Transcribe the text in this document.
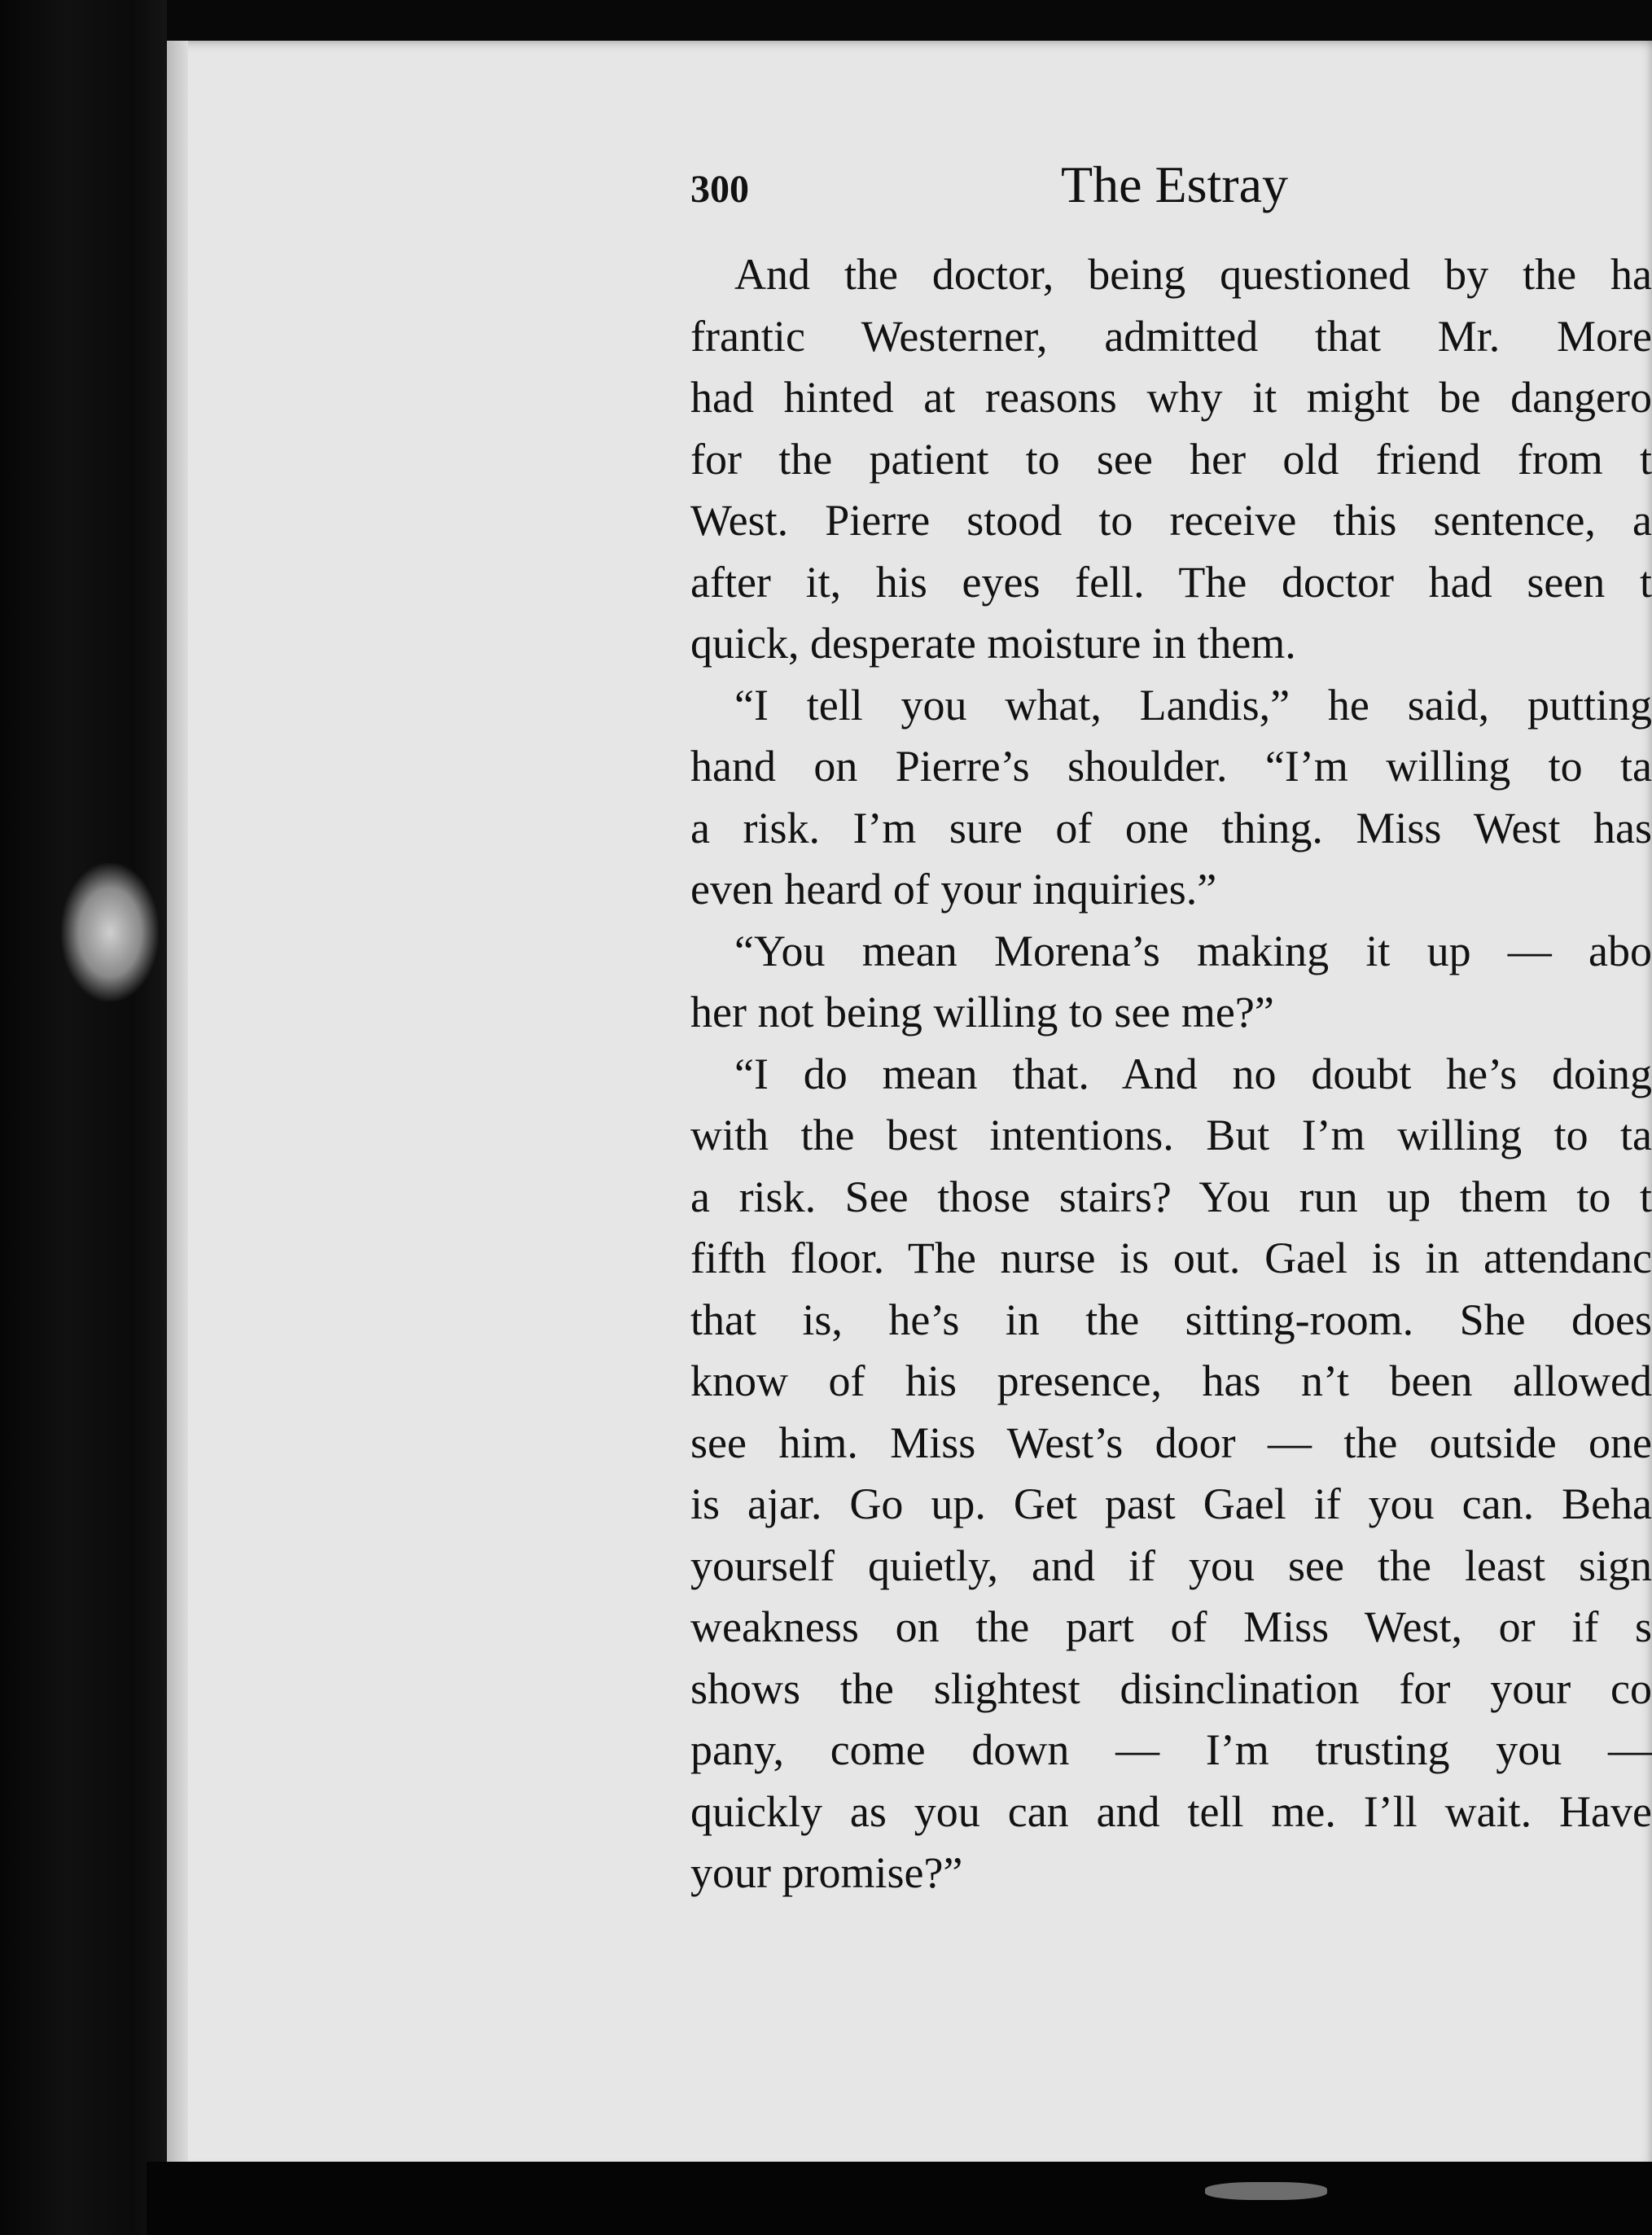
300	The Estray
And the doctor, being questioned by the ha
frantic Westerner, admitted that Mr. More
had hinted at reasons why it might be dangero
for the patient to see her old friend from t
West. Pierre stood to receive this sentence, a
after it, his eyes fell. The doctor had seen t
quick, desperate moisture in them.
“I tell you what, Landis,” he said, putting
hand on Pierre’s shoulder. “I’m willing to ta
a risk. I’m sure of one thing. Miss West has
even heard of your inquiries.”
“You mean Morena’s making it up — abo
her not being willing to see me?”
“I do mean that. And no doubt he’s doing
with the best intentions. But I’m willing to ta
a risk. See those stairs? You run up them to t
fifth floor. The nurse is out. Gael is in attendanc
that is, he’s in the sitting-room. She does
know of his presence, has n’t been allowed
see him. Miss West’s door — the outside one
is ajar. Go up. Get past Gael if you can. Beha
yourself quietly, and if you see the least sign
weakness on the part of Miss West, or if s
shows the slightest disinclination for your co
pany, come down — I’m trusting you —
quickly as you can and tell me. I’ll wait. Have
your promise?”
